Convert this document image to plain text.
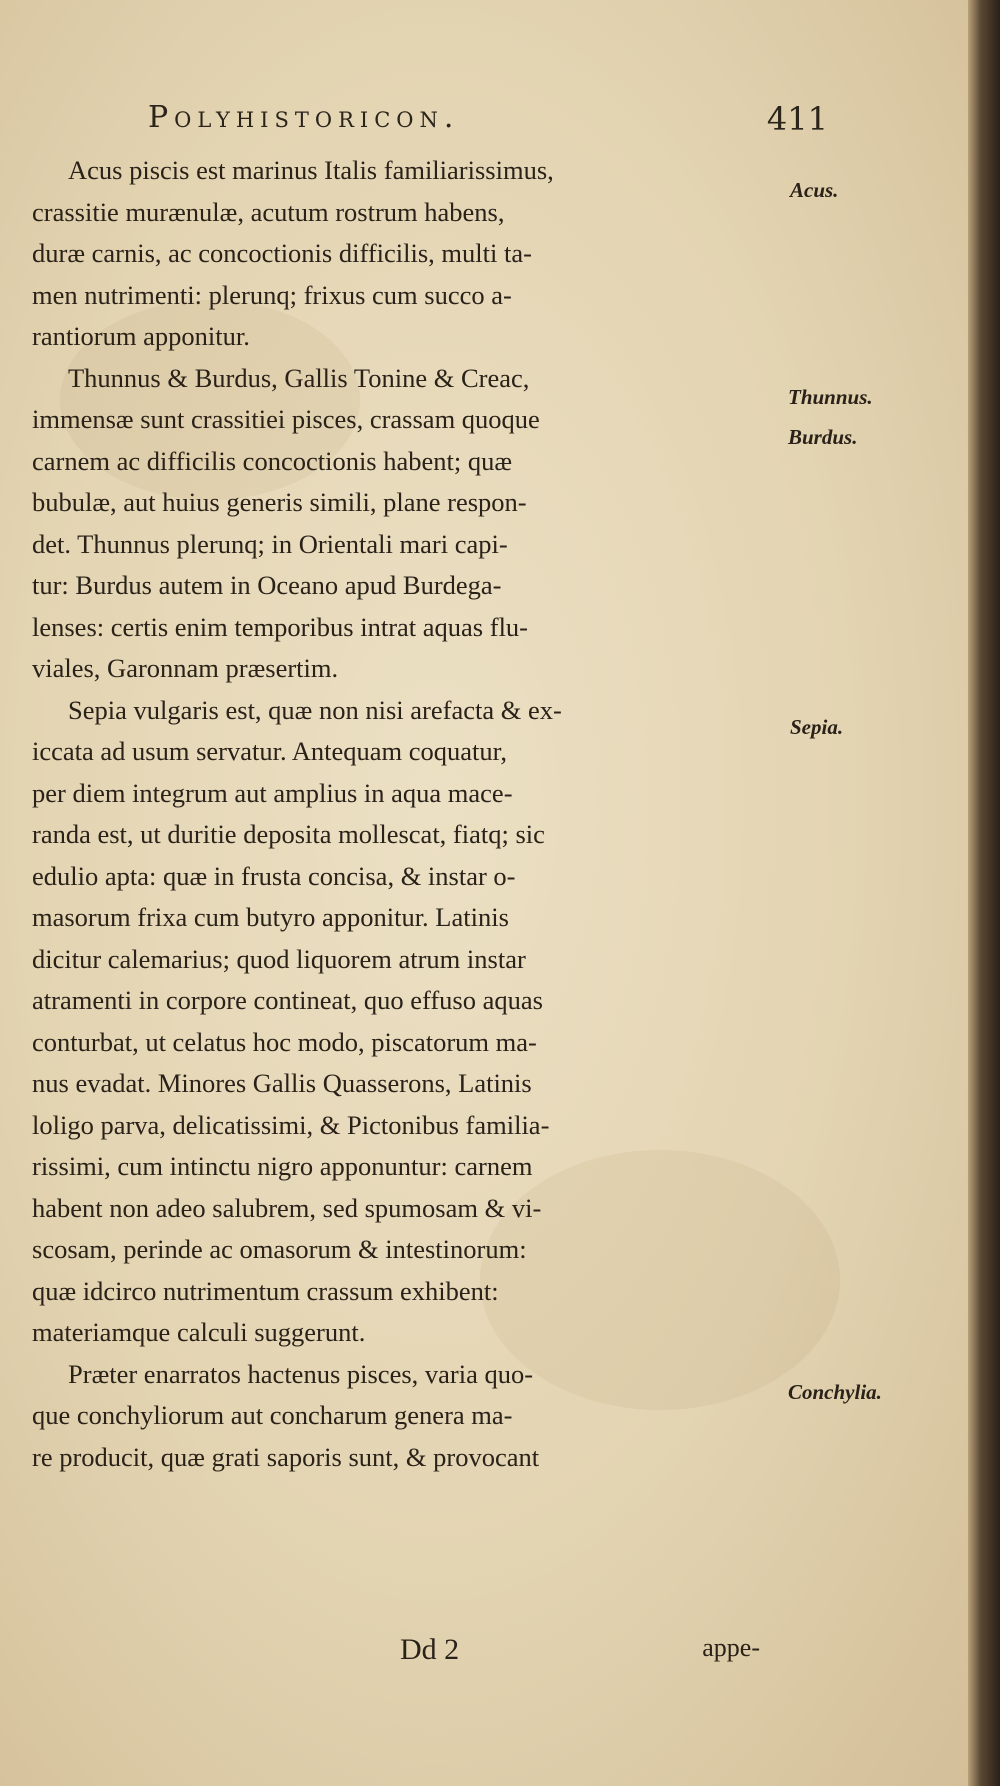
Polyhistoricon.	411
Acus piscis est marinus Italis familiarissimus,
crassitie murænulæ, acutum rostrum habens,
duræ carnis, ac concoctionis difficilis, multi ta-
men nutrimenti: plerunq; frixus cum succo a-
rantiorum apponitur.
Thunnus & Burdus, Gallis Tonine & Creac,
immensæ sunt crassitiei pisces, crassam quoque
carnem ac difficilis concoctionis habent; quæ
bubulæ, aut huius generis simili, plane respon-
det. Thunnus plerunq; in Orientali mari capi-
tur: Burdus autem in Oceano apud Burdega-
lenses: certis enim temporibus intrat aquas flu-
viales, Garonnam præsertim.
Sepia vulgaris est, quæ non nisi arefacta & ex-
iccata ad usum servatur. Antequam coquatur,
per diem integrum aut amplius in aqua mace-
randa est, ut duritie deposita mollescat, fiatq; sic
edulio apta: quæ in frusta concisa, & instar o-
masorum frixa cum butyro apponitur. Latinis
dicitur calemarius; quod liquorem atrum instar
atramenti in corpore contineat, quo effuso aquas
conturbat, ut celatus hoc modo, piscatorum ma-
nus evadat. Minores Gallis Quasserons, Latinis
loligo parva, delicatissimi, & Pictonibus familia-
rissimi, cum intinctu nigro apponuntur: carnem
habent non adeo salubrem, sed spumosam & vi-
scosam, perinde ac omasorum & intestinorum:
quæ idcirco nutrimentum crassum exhibent:
materiamque calculi suggerunt.
Præter enarratos hactenus pisces, varia quo-
que conchyliorum aut concharum genera ma-
re producit, quæ grati saporis sunt, & provocant
Acus.
Thunnus.
Burdus.
Sepia.
Conchylia.
Dd 2	appe-
